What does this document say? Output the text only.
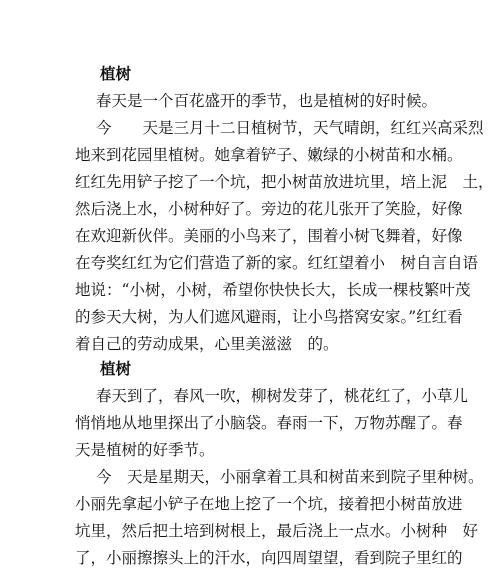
植树
春天是一个百花盛开的季节，也是植树的好时候。
今　　天是三月十二日植树节，天气晴朗，红红兴高采烈
地来到花园里植树。她拿着铲子、嫩绿的小树苗和水桶。
红红先用铲子挖了一个坑，把小树苗放进坑里，培上泥　土，
然后浇上水，小树种好了。旁边的花儿张开了笑脸，好像
在欢迎新伙伴。美丽的小鸟来了，围着小树飞舞着，好像
在夸奖红红为它们营造了新的家。红红望着小　树自言自语
地说：“小树，小树，希望你快快长大，长成一棵枝繁叶茂
的参天大树，为人们遮风避雨，让小鸟搭窝安家。”红红看
着自己的劳动成果，心里美滋滋　的。
植树
春天到了，春风一吹，柳树发芽了，桃花红了，小草儿
悄悄地从地里探出了小脑袋。春雨一下，万物苏醒了。春
天是植树的好季节。
今　天是星期天，小丽拿着工具和树苗来到院子里种树。
小丽先拿起小铲子在地上挖了一个坑，接着把小树苗放进
坑里，然后把土培到树根上，最后浇上一点水。小树种　好
了，小丽擦擦头上的汗水，向四周望望，看到院子里红的
